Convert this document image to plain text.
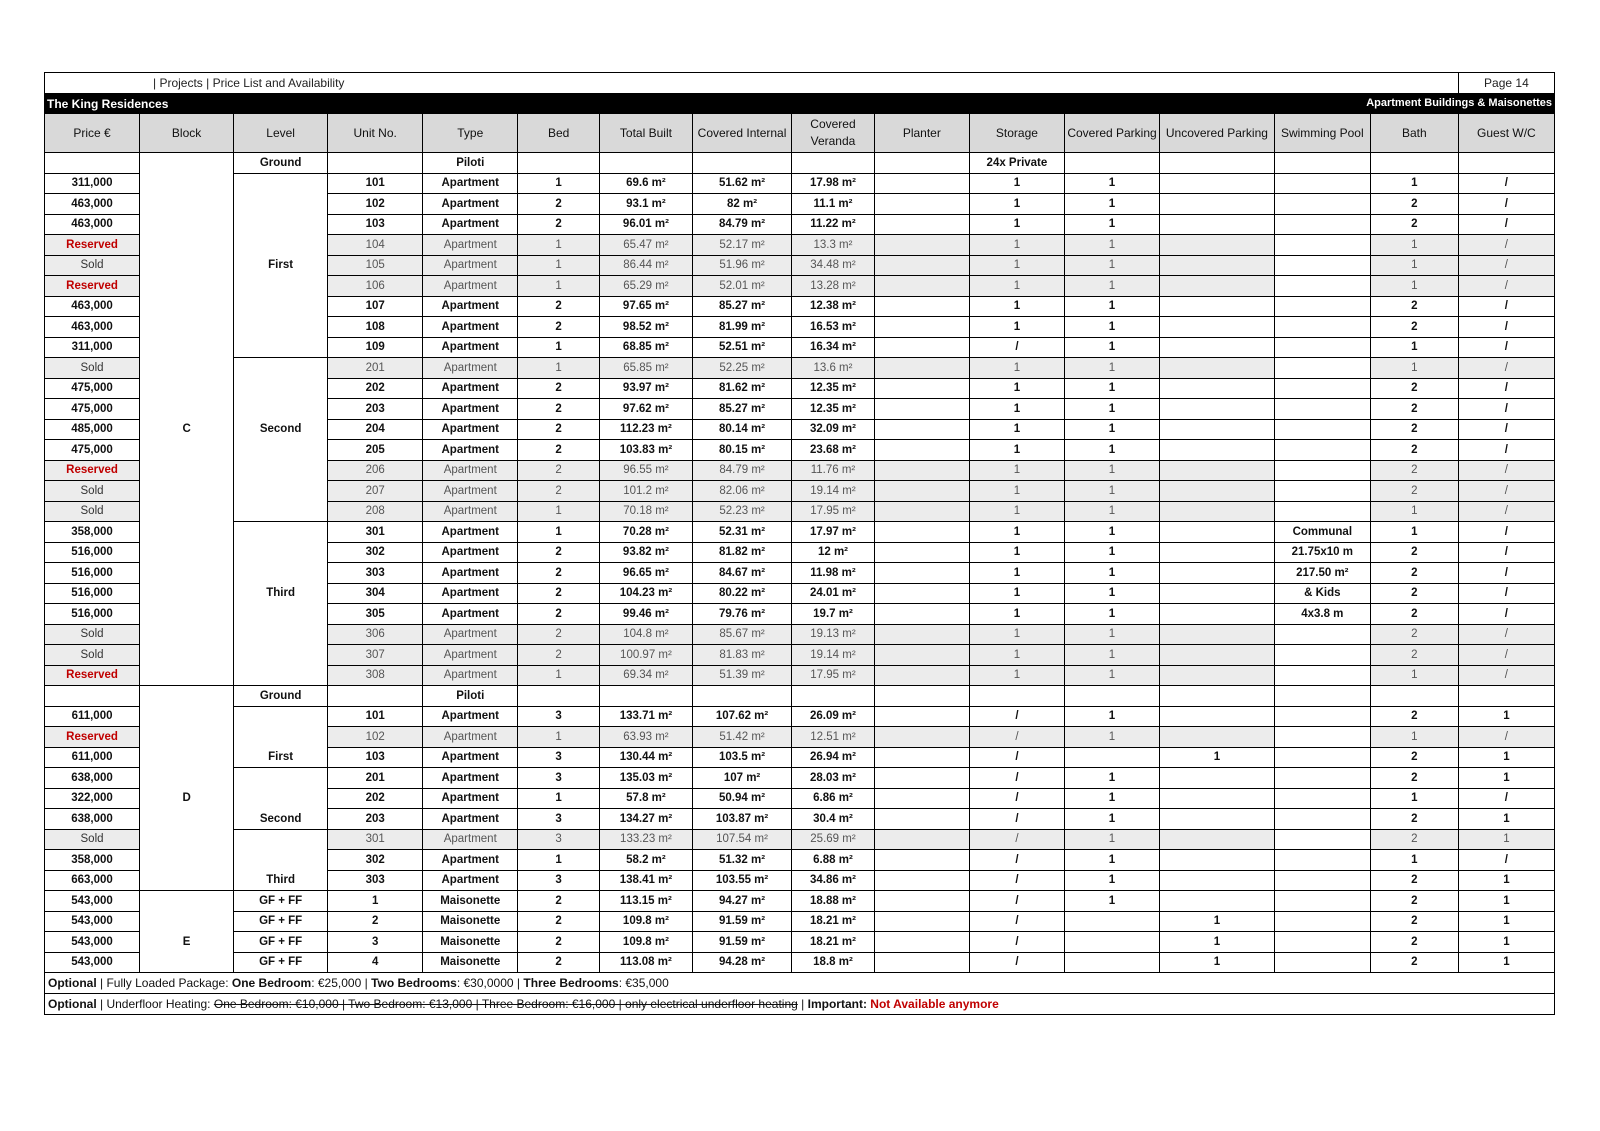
| Projects | Price List and Availability															Page 14

The King Residences Apartment Buildings & Maisonettes															

Price €	Block	Level	Unit No.	Type	Bed	Total Built	Covered Internal	Covered Veranda	Planter	Storage	Covered Parking	Uncovered Parking	Swimming Pool	Bath	Guest W/C
		Ground		Piloti						24x Private					
311,000			101	Apartment	1	69.6 m²	51.62 m²	17.98 m²		1	1			1	/
463,000			102	Apartment	2	93.1 m²	82 m²	11.1 m²		1	1			2	/
463,000			103	Apartment	2	96.01 m²	84.79 m²	11.22 m²		1	1			2	/
Reserved			104	Apartment	1	65.47 m²	52.17 m²	13.3 m²		1	1			1	/
Sold		First	105	Apartment	1	86.44 m²	51.96 m²	34.48 m²		1	1			1	/
Reserved			106	Apartment	1	65.29 m²	52.01 m²	13.28 m²		1	1			1	/
463,000			107	Apartment	2	97.65 m²	85.27 m²	12.38 m²		1	1			2	/
463,000			108	Apartment	2	98.52 m²	81.99 m²	16.53 m²		1	1			2	/
311,000			109	Apartment	1	68.85 m²	52.51 m²	16.34 m²		/	1			1	/
Sold			201	Apartment	1	65.85 m²	52.25 m²	13.6 m²		1	1			1	/
475,000			202	Apartment	2	93.97 m²	81.62 m²	12.35 m²		1	1			2	/
475,000			203	Apartment	2	97.62 m²	85.27 m²	12.35 m²		1	1			2	/
485,000	C	Second	204	Apartment	2	112.23 m²	80.14 m²	32.09 m²		1	1			2	/
475,000			205	Apartment	2	103.83 m²	80.15 m²	23.68 m²		1	1			2	/
Reserved			206	Apartment	2	96.55 m²	84.79 m²	11.76 m²		1	1			2	/
Sold			207	Apartment	2	101.2 m²	82.06 m²	19.14 m²		1	1			2	/
Sold			208	Apartment	1	70.18 m²	52.23 m²	17.95 m²		1	1			1	/
358,000			301	Apartment	1	70.28 m²	52.31 m²	17.97 m²		1	1		Communal	1	/
516,000			302	Apartment	2	93.82 m²	81.82 m²	12 m²		1	1		21.75x10 m	2	/
516,000			303	Apartment	2	96.65 m²	84.67 m²	11.98 m²		1	1		217.50 m²	2	/
516,000		Third	304	Apartment	2	104.23 m²	80.22 m²	24.01 m²		1	1		& Kids	2	/
516,000			305	Apartment	2	99.46 m²	79.76 m²	19.7 m²		1	1		4x3.8 m	2	/
Sold			306	Apartment	2	104.8 m²	85.67 m²	19.13 m²		1	1			2	/
Sold			307	Apartment	2	100.97 m²	81.83 m²	19.14 m²		1	1			2	/
Reserved			308	Apartment	1	69.34 m²	51.39 m²	17.95 m²		1	1			1	/
		Ground		Piloti											
611,000			101	Apartment	3	133.71 m²	107.62 m²	26.09 m²		/	1			2	1
Reserved			102	Apartment	1	63.93 m²	51.42 m²	12.51 m²		/	1			1	/
611,000		First	103	Apartment	3	130.44 m²	103.5 m²	26.94 m²		/		1		2	1
638,000			201	Apartment	3	135.03 m²	107 m²	28.03 m²		/	1			2	1
322,000	D		202	Apartment	1	57.8 m²	50.94 m²	6.86 m²		/	1			1	/
638,000		Second	203	Apartment	3	134.27 m²	103.87 m²	30.4 m²		/	1			2	1
Sold			301	Apartment	3	133.23 m²	107.54 m²	25.69 m²		/	1			2	1
358,000			302	Apartment	1	58.2 m²	51.32 m²	6.88 m²		/	1			1	/
663,000		Third	303	Apartment	3	138.41 m²	103.55 m²	34.86 m²		/	1			2	1
543,000		GF + FF	1	Maisonette	2	113.15 m²	94.27 m²	18.88 m²		/	1			2	1
543,000		GF + FF	2	Maisonette	2	109.8 m²	91.59 m²	18.21 m²		/		1		2	1
543,000	E	GF + FF	3	Maisonette	2	109.8 m²	91.59 m²	18.21 m²		/		1		2	1
543,000		GF + FF	4	Maisonette	2	113.08 m²	94.28 m²	18.8 m²		/		1		2	1
Optional | Fully Loaded Package: One Bedroom: €25,000 | Two Bedrooms: €30,0000 | Three Bedrooms: €35,000															
Optional | Underfloor Heating: One Bedroom: €10,000 | Two Bedroom: €13,000 | Three Bedroom: €16,000 | only electrical underfloor heating | Important: Not Available anymore															
